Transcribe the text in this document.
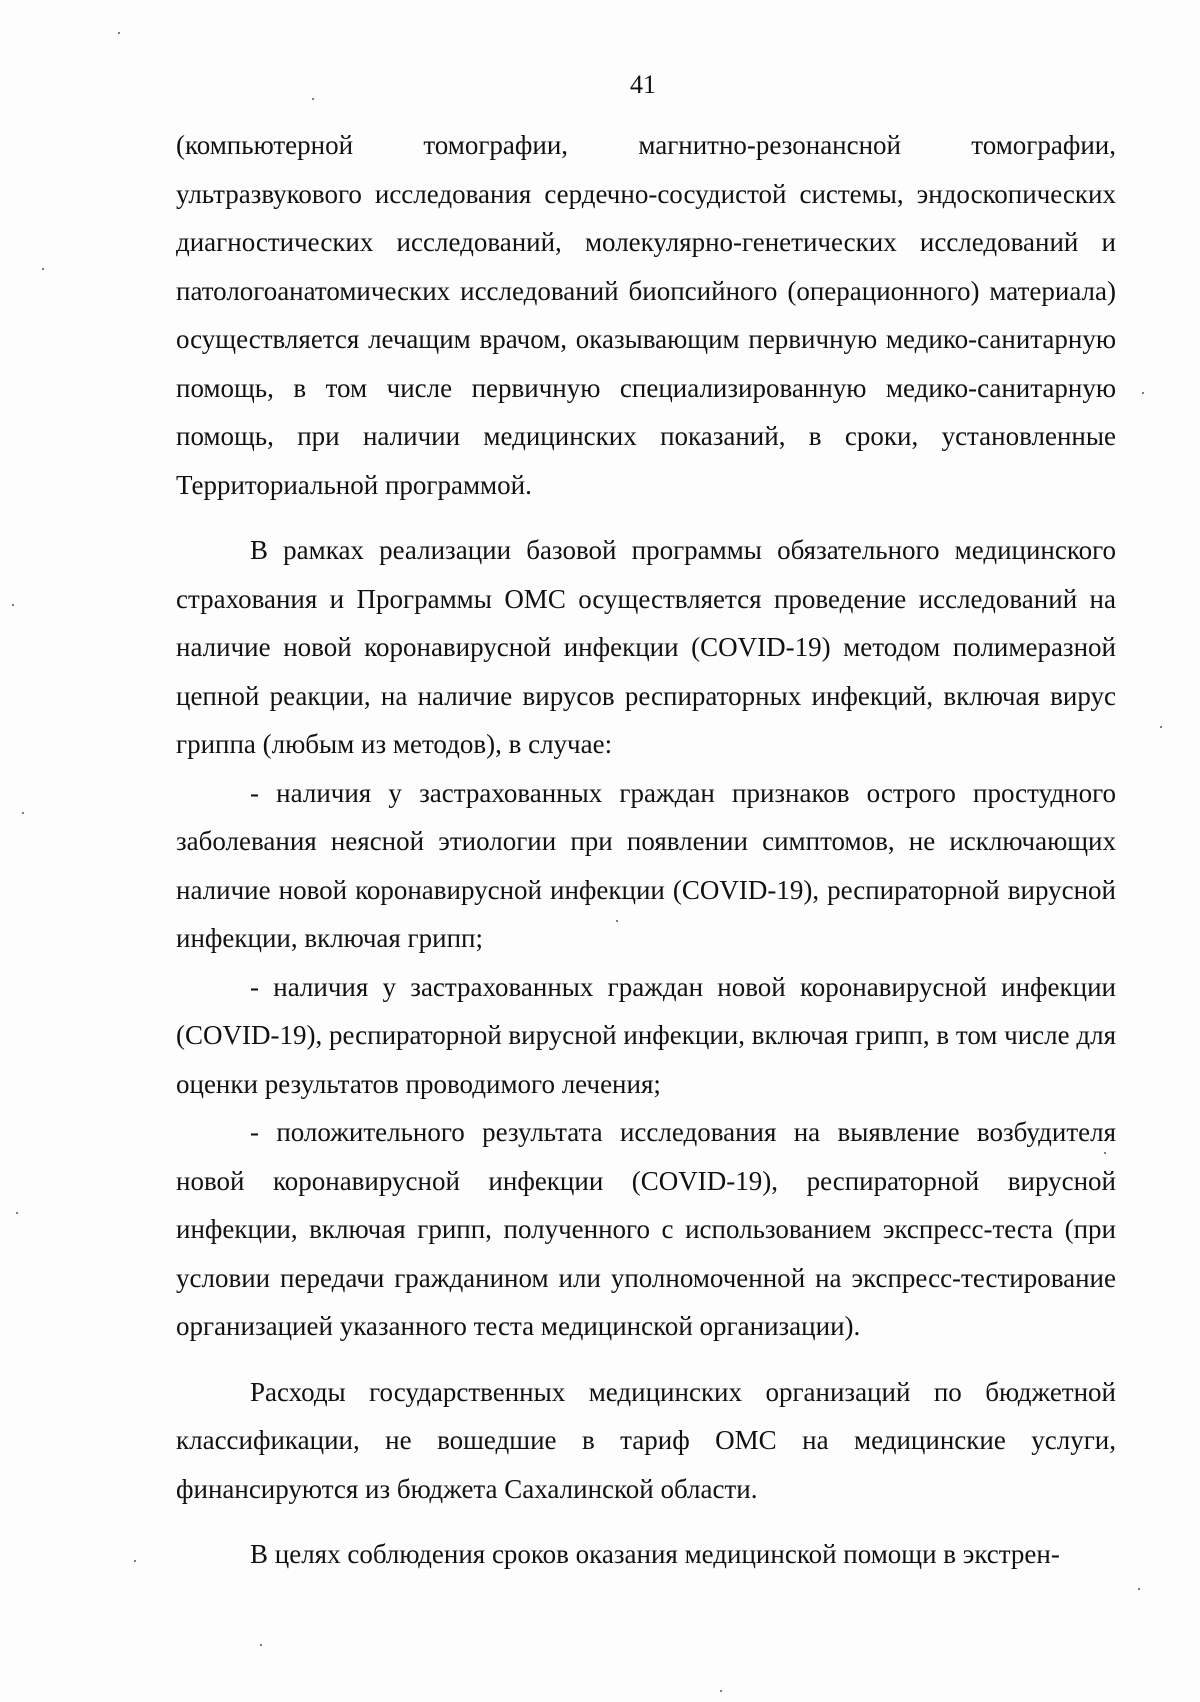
41

(компьютерной томографии, магнитно-резонансной томографии, ультразвукового исследования сердечно-сосудистой системы, эндоскопических диагностических исследований, молекулярно-генетических исследований и патологоанатомических исследований биопсийного (операционного) материала) осуществляется лечащим врачом, оказывающим первичную медико-санитарную помощь, в том числе первичную специализированную медико-санитарную помощь, при наличии медицинских показаний, в сроки, установленные Территориальной программой.

В рамках реализации базовой программы обязательного медицинского страхования и Программы ОМС осуществляется проведение исследований на наличие новой коронавирусной инфекции (COVID-19) методом полимеразной цепной реакции, на наличие вирусов респираторных инфекций, включая вирус гриппа (любым из методов), в случае:

- наличия у застрахованных граждан признаков острого простудного заболевания неясной этиологии при появлении симптомов, не исключающих наличие новой коронавирусной инфекции (COVID-19), респираторной вирусной инфекции, включая грипп;

- наличия у застрахованных граждан новой коронавирусной инфекции (COVID-19), респираторной вирусной инфекции, включая грипп, в том числе для оценки результатов проводимого лечения;

- положительного результата исследования на выявление возбудителя новой коронавирусной инфекции (COVID-19), респираторной вирусной инфекции, включая грипп, полученного с использованием экспресс-теста (при условии передачи гражданином или уполномоченной на экспресс-тестирование организацией указанного теста медицинской организации).

Расходы государственных медицинских организаций по бюджетной классификации, не вошедшие в тариф ОМС на медицинские услуги, финансируются из бюджета Сахалинской области.

В целях соблюдения сроков оказания медицинской помощи в экстрен-
